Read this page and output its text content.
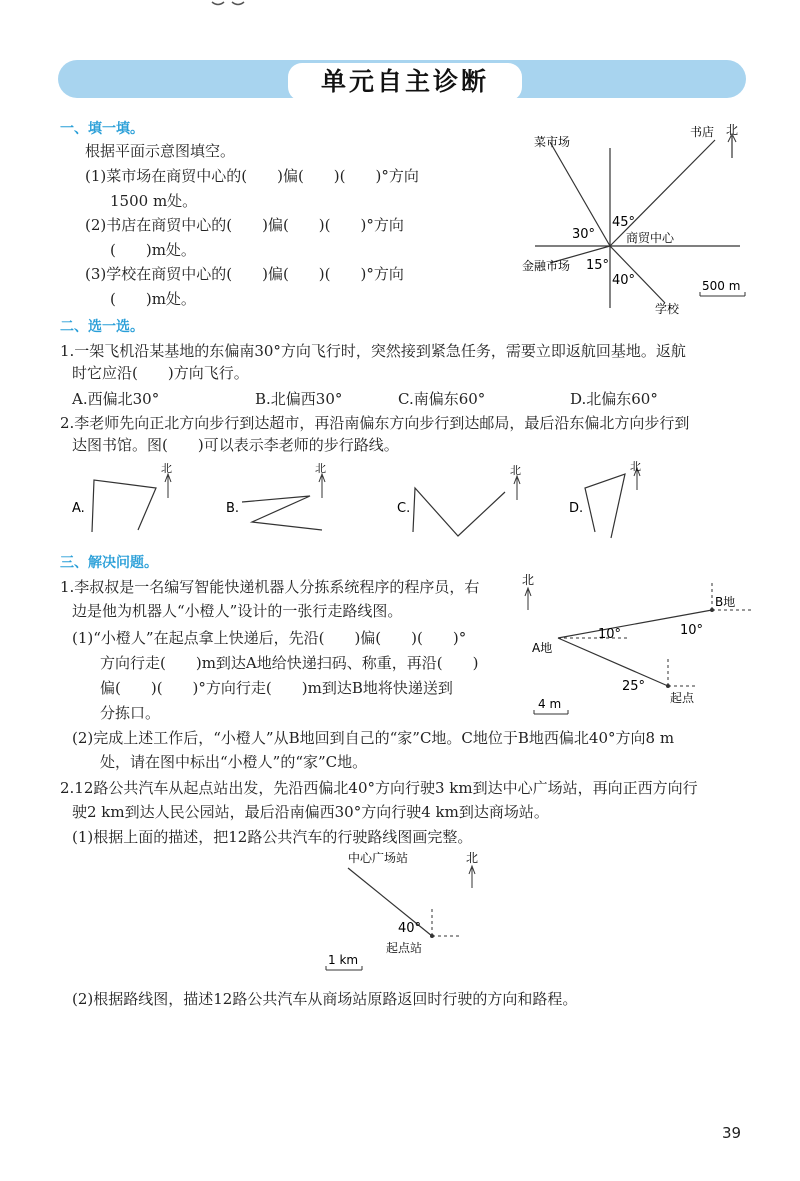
单元自主诊断
一、填一填。
根据平面示意图填空。
(1)菜市场在商贸中心的(　　)偏(　　)(　　)°方向
1500 m处。
(2)书店在商贸中心的(　　)偏(　　)(　　)°方向
(　　)m处。
(3)学校在商贸中心的(　　)偏(　　)(　　)°方向
(　　)m处。
菜市场
书店 北
45°
30°	商贸中心
金融市场 15°
40°
学校
500 m
二、选一选。
1.一架飞机沿某基地的东偏南30°方向飞行时，突然接到紧急任务，需要立即返航回基地。返航
时它应沿(　　)方向飞行。
A.西偏北30°	B.北偏西30°	C.南偏东60°	D.北偏东60°
2.李老师先向正北方向步行到达超市，再沿南偏东方向步行到达邮局，最后沿东偏北方向步行到
达图书馆。图(　　)可以表示李老师的步行路线。
A.
北
B.
北
C.
北
D.
北
三、解决问题。
1.李叔叔是一名编写智能快递机器人分拣系统程序的程序员，右
边是他为机器人“小橙人”设计的一张行走路线图。
(1)“小橙人”在起点拿上快递后，先沿(　　)偏(　　)(　　)°
方向行走(　　)m到达A地给快递扫码、称重，再沿(　　)
偏(　　)(　　)°方向行走(　　)m到达B地将快递送到
分拣口。
北
B地
10°
10°
A地
25°
起点
4 m
(2)完成上述工作后，“小橙人”从B地回到自己的“家”C地。C地位于B地西偏北40°方向8 m
处，请在图中标出“小橙人”的“家”C地。
2.12路公共汽车从起点站出发，先沿西偏北40°方向行驶3 km到达中心广场站，再向正西方向行
驶2 km到达人民公园站，最后沿南偏西30°方向行驶4 km到达商场站。
(1)根据上面的描述，把12路公共汽车的行驶路线图画完整。
中心广场站	北
40°
起点站
1 km
(2)根据路线图，描述12路公共汽车从商场站原路返回时行驶的方向和路程。
39
